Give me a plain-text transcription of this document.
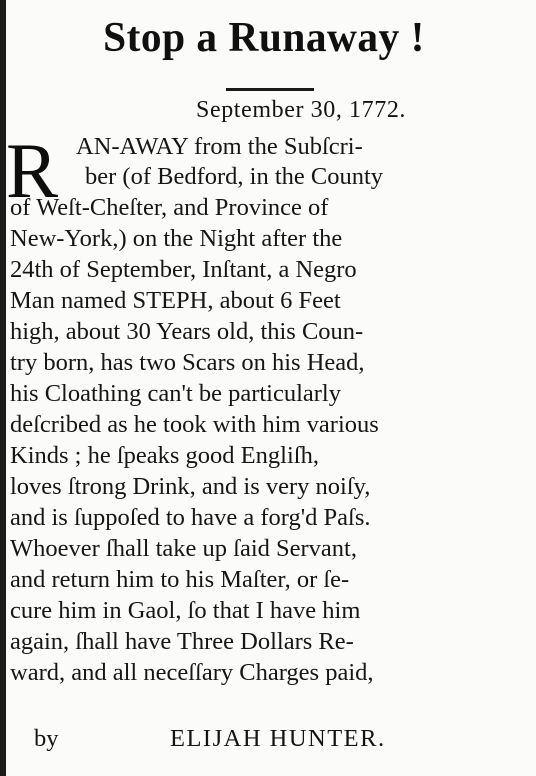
Stop a Runaway !
September 30, 1772.
R AN-AWAY from the Subſcri-
ber (of Bedford, in the County
of Weſt-Cheſter, and Province of
New-York,) on the Night after the
24th of September, Inſtant, a Negro
Man named STEPH, about 6 Feet
high, about 30 Years old, this Coun-
try born, has two Scars on his Head,
his Cloathing can't be particularly
deſcribed as he took with him various
Kinds ; he ſpeaks good Engliſh,
loves ſtrong Drink, and is very noiſy,
and is ſuppoſed to have a forg'd Paſs.
Whoever ſhall take up ſaid Servant,
and return him to his Maſter, or ſe-
cure him in Gaol, ſo that I have him
again, ſhall have Three Dollars Re-
ward, and all neceſſary Charges paid,
by	ELIJAH HUNTER.
